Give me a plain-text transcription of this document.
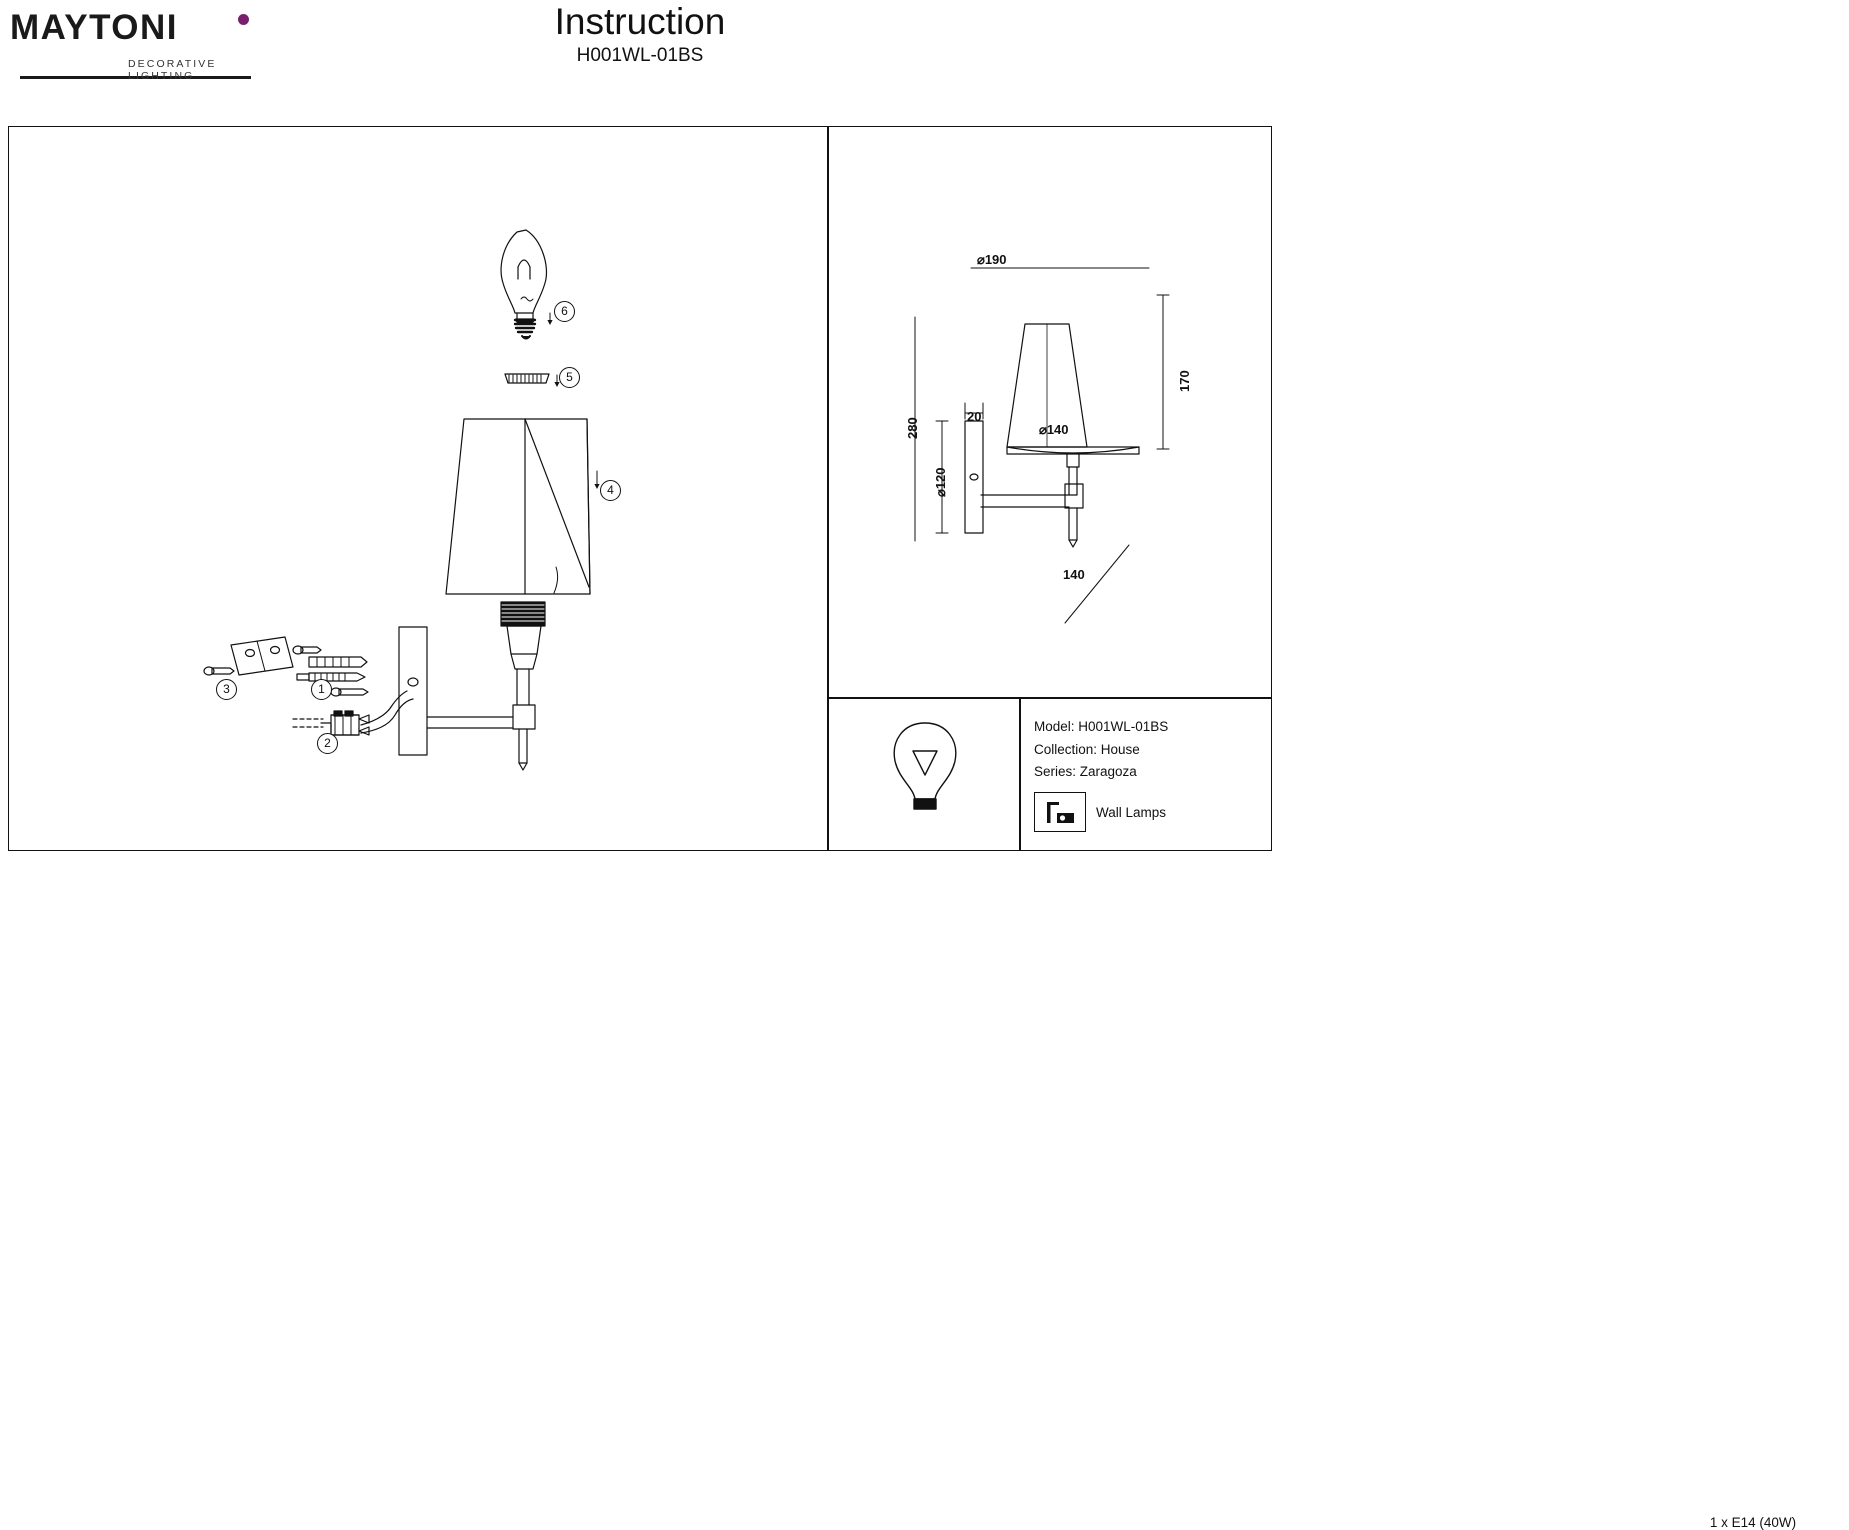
MAYTONI
DECORATIVE LIGHTING
Instruction
H001WL-01BS
6
5
4
1
2
3
⌀190
170
⌀140
280
⌀120
20
140
1 x E14 (40W)
Model: H001WL-01BS
Collection: House
Series: Zaragoza
Wall Lamps
